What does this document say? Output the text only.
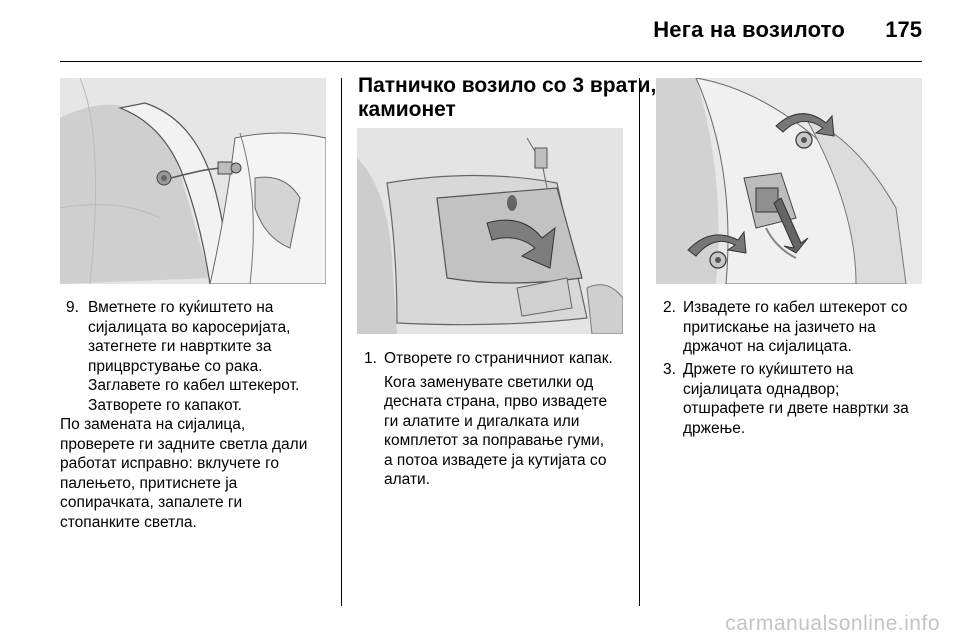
Нега на возилото 175
9. Вметнете го куќиштето на
сијалицата во каросеријата,
затегнете ги навртките за
прицврстување со рака.
Заглавете го кабел штекерот.
Затворете го капакот.
По замената на сијалица,
проверете ги задните светла дали
работат исправно: вклучете го
палењето, притиснете ја
сопирачката, запалете ги
стопанките светла.
Патничко возило со 3 врати,
камионет
1. Отворете го страничниот капак.
Кога заменувате светилки од
десната страна, прво извадете
ги алатите и дигалката или
комплетот за поправање гуми,
а потоа извадете ја кутијата со
алати.
2. Извадете го кабел штекерот со
притискање на јазичето на
држачот на сијалицата.
3. Држете го куќиштето на
сијалицата однадвор;
отшрафете ги двете навртки за
држење.
carmanualsonline.info
